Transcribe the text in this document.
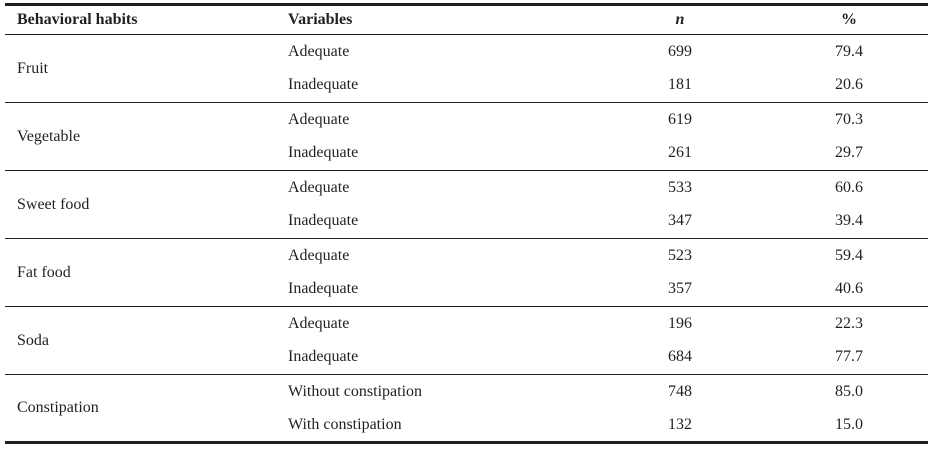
Behavioral habits	Variables	n	%
Fruit	Adequate	699	79.4
	Inadequate	181	20.6
Vegetable	Adequate	619	70.3
	Inadequate	261	29.7
Sweet food	Adequate	533	60.6
	Inadequate	347	39.4
Fat food	Adequate	523	59.4
	Inadequate	357	40.6
Soda	Adequate	196	22.3
	Inadequate	684	77.7
Constipation	Without constipation	748	85.0
	With constipation	132	15.0
